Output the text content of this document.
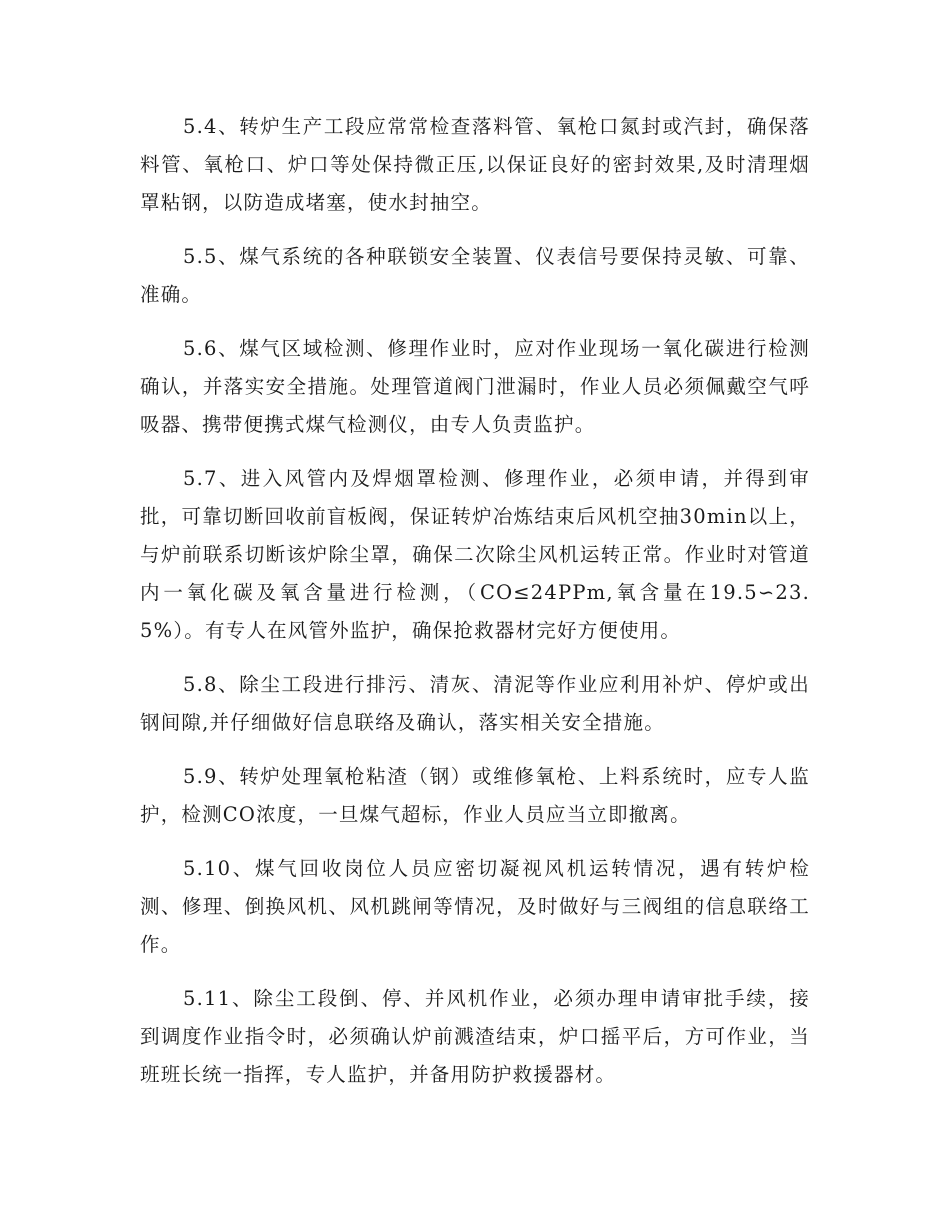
5.4、转炉生产工段应常常检查落料管、氧枪口氮封或汽封，确保落料管、氧枪口、炉口等处保持微正压,以保证良好的密封效果,及时清理烟罩粘钢，以防造成堵塞，使水封抽空。

5.5、煤气系统的各种联锁安全装置、仪表信号要保持灵敏、可靠、准确。

5.6、煤气区域检测、修理作业时，应对作业现场一氧化碳进行检测确认，并落实安全措施。处理管道阀门泄漏时，作业人员必须佩戴空气呼吸器、携带便携式煤气检测仪，由专人负责监护。

5.7、进入风管内及焊烟罩检测、修理作业，必须申请，并得到审批，可靠切断回收前盲板阀，保证转炉冶炼结束后风机空抽30min以上，与炉前联系切断该炉除尘罩，确保二次除尘风机运转正常。作业时对管道内一氧化碳及氧含量进行检测，（CO≤24PPm,氧含量在19.5∽23.5%）。有专人在风管外监护，确保抢救器材完好方便使用。

5.8、除尘工段进行排污、清灰、清泥等作业应利用补炉、停炉或出钢间隙,并仔细做好信息联络及确认，落实相关安全措施。

5.9、转炉处理氧枪粘渣（钢）或维修氧枪、上料系统时，应专人监护，检测CO浓度，一旦煤气超标，作业人员应当立即撤离。

5.10、煤气回收岗位人员应密切凝视风机运转情况，遇有转炉检测、修理、倒换风机、风机跳闸等情况，及时做好与三阀组的信息联络工作。

5.11、除尘工段倒、停、并风机作业，必须办理申请审批手续，接到调度作业指令时，必须确认炉前溅渣结束，炉口摇平后，方可作业，当班班长统一指挥，专人监护，并备用防护救援器材。
